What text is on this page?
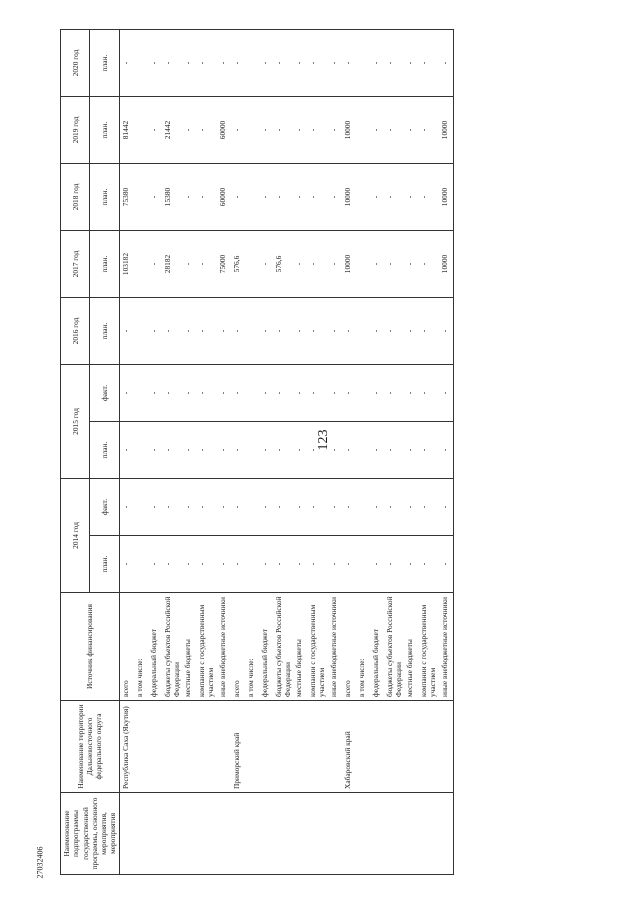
123
27032406
Наименование подпрограммы государственной программы, основного мероприятия, мероприятия	Наименование территории Дальневосточного федерального округа	Источник финансирования	2014 год		2015 год		2016 год	2017 год	2018 год	2019 год	2020 год
			план.	факт.	план.	факт.	план.	план.	план.	план.	план.
	Республика Саха (Якутия)	всего	-	-	-	-	-	103182	75380	81442	-
		в том числе:									
		федеральный бюджет	-	-	-	-	-	-	-	-	-
		бюджеты субъектов Российской Федерации	-	-	-	-	-	28182	15380	21442	-
		местные бюджеты	-	-	-	-	-	-	-	-	-
		компании с государственным участием	-	-	-	-	-	-	-	-	-
		иные внебюджетные источники	-	-	-	-	-	75000	60000	60000	-
	Приморский край	всего	-	-	-	-	-	576,6	-	-	-
		в том числе:									
		федеральный бюджет	-	-	-	-	-	-	-	-	-
		бюджеты субъектов Российской Федерации	-	-	-	-	-	576,6	-	-	-
		местные бюджеты	-	-	-	-	-	-	-	-	-
		компании с государственным участием	-	-	-	-	-	-	-	-	-
		иные внебюджетные источники	-	-	-	-	-	-	-	-	-
	Хабаровский край	всего	-	-	-	-	-	10000	10000	10000	-
		в том числе:									
		федеральный бюджет	-	-	-	-	-	-	-	-	-
		бюджеты субъектов Российской Федерации	-	-	-	-	-	-	-	-	-
		местные бюджеты	-	-	-	-	-	-	-	-	-
		компании с государственным участием	-	-	-	-	-	-	-	-	-
		иные внебюджетные источники	-	-	-	-	-	10000	10000	10000	-
